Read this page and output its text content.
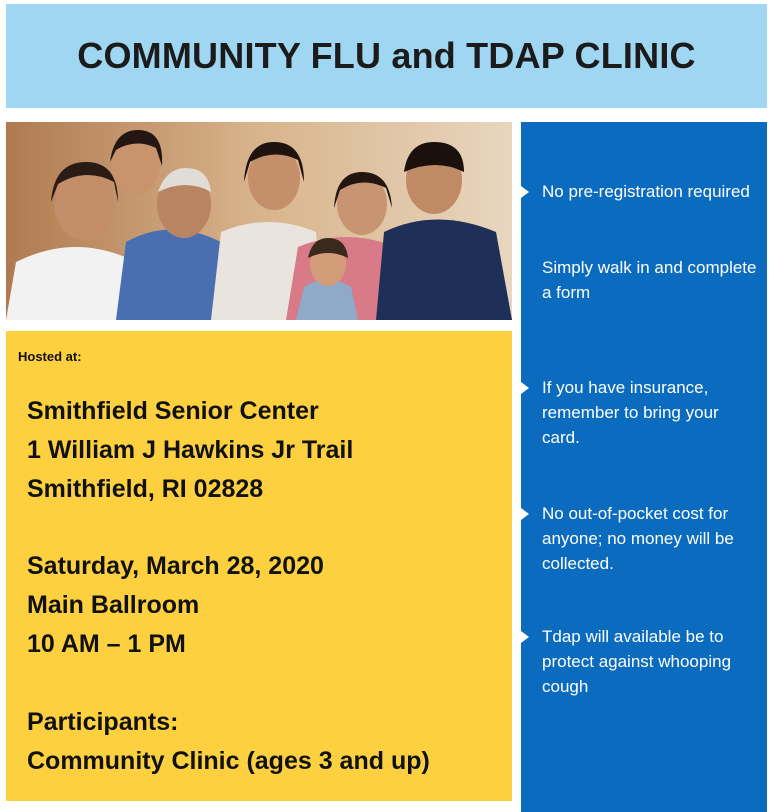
COMMUNITY FLU and TDAP CLINIC
Hosted at:
Smithfield Senior Center
1 William J Hawkins Jr Trail
Smithfield, RI 02828
Saturday, March 28, 2020
Main Ballroom
10 AM – 1 PM
Participants:
Community Clinic (ages 3 and up)
No pre-registration required
Simply walk in and complete a form
If you have insurance, remember to bring your card.
No out-of-pocket cost for anyone; no money will be collected.
Tdap will available be to protect against whooping cough
